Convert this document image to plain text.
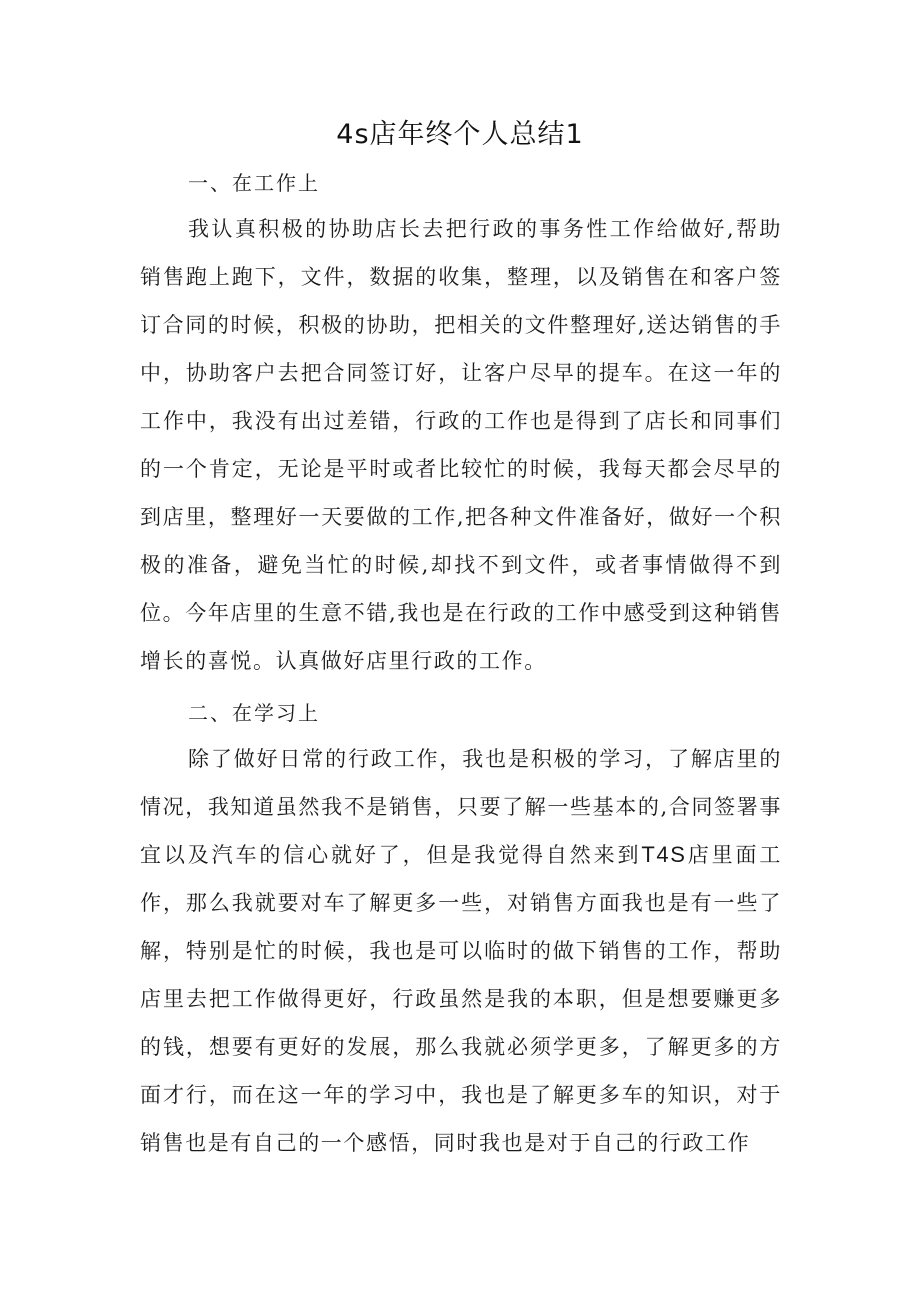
4s店年终个人总结1
一、在工作上

我认真积极的协助店长去把行政的事务性工作给做好,帮助销售跑上跑下，文件，数据的收集，整理，以及销售在和客户签订合同的时候，积极的协助，把相关的文件整理好,送达销售的手中，协助客户去把合同签订好，让客户尽早的提车。在这一年的工作中，我没有出过差错，行政的工作也是得到了店长和同事们的一个肯定，无论是平时或者比较忙的时候，我每天都会尽早的到店里，整理好一天要做的工作,把各种文件准备好，做好一个积极的准备，避免当忙的时候,却找不到文件，或者事情做得不到位。今年店里的生意不错,我也是在行政的工作中感受到这种销售增长的喜悦。认真做好店里行政的工作。

二、在学习上

除了做好日常的行政工作，我也是积极的学习，了解店里的情况，我知道虽然我不是销售，只要了解一些基本的,合同签署事宜以及汽车的信心就好了，但是我觉得自然来到T4S店里面工作，那么我就要对车了解更多一些，对销售方面我也是有一些了解，特别是忙的时候，我也是可以临时的做下销售的工作，帮助店里去把工作做得更好，行政虽然是我的本职，但是想要赚更多的钱，想要有更好的发展，那么我就必须学更多，了解更多的方面才行，而在这一年的学习中，我也是了解更多车的知识，对于销售也是有自己的一个感悟，同时我也是对于自己的行政工作
